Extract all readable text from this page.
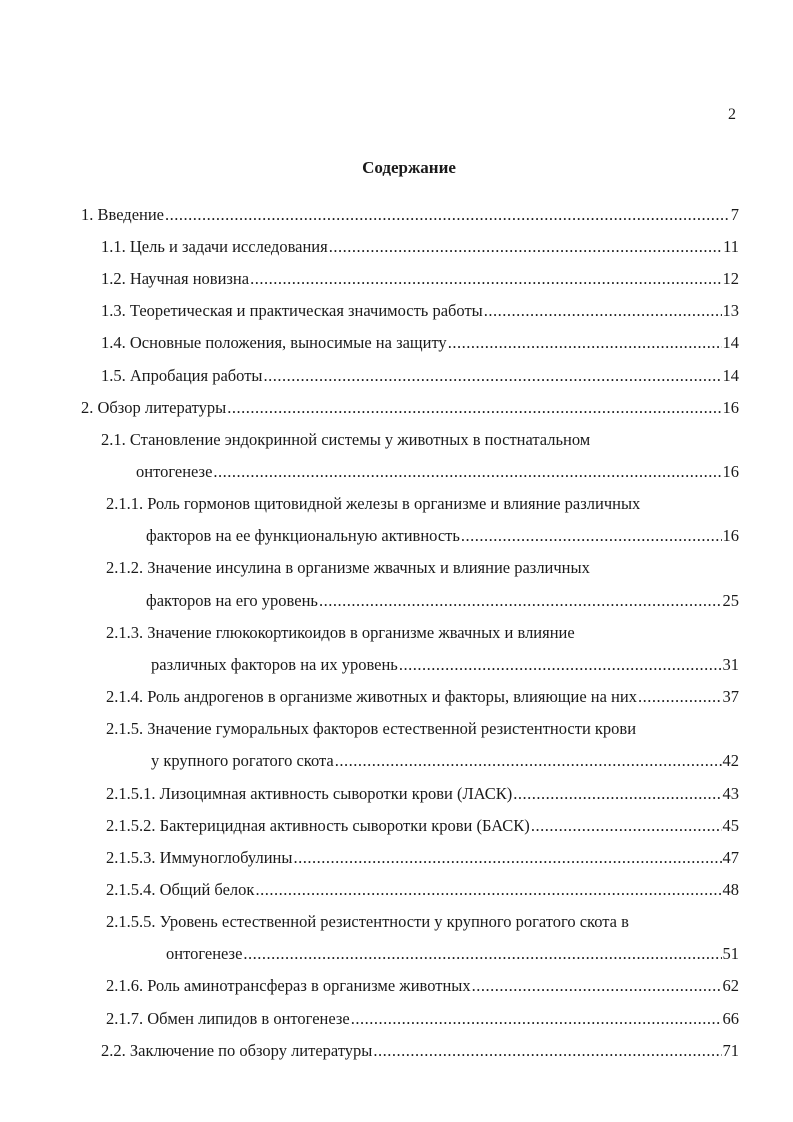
2
Содержание
1. Введение .....	7
1.1. Цель и задачи исследования .....	11
1.2. Научная новизна .....	12
1.3. Теоретическая и практическая значимость работы .....	13
1.4. Основные положения, выносимые на защиту .....	14
1.5. Апробация работы .....	14
2. Обзор литературы .....	16
2.1. Становление эндокринной системы у животных в постнатальном
онтогенезе .....	16
2.1.1. Роль гормонов щитовидной железы в организме и влияние различных
факторов на ее функциональную активность .....	16
2.1.2. Значение инсулина в организме жвачных и влияние различных
факторов на его уровень .....	25
2.1.3. Значение глюкокортикоидов в организме жвачных и влияние
различных факторов на их уровень .....	31
2.1.4. Роль андрогенов в организме животных и факторы, влияющие на них .....	37
2.1.5. Значение гуморальных факторов естественной резистентности крови
у крупного рогатого скота .....	42
2.1.5.1. Лизоцимная активность сыворотки крови (ЛАСК) .....	43
2.1.5.2. Бактерицидная активность сыворотки крови (БАСК) .....	45
2.1.5.3. Иммуноглобулины .....	47
2.1.5.4. Общий белок .....	48
2.1.5.5. Уровень естественной резистентности у крупного рогатого скота в
онтогенезе .....	51
2.1.6. Роль аминотрансфераз в организме животных .....	62
2.1.7. Обмен липидов в онтогенезе .....	66
2.2. Заключение по обзору литературы .....	71
